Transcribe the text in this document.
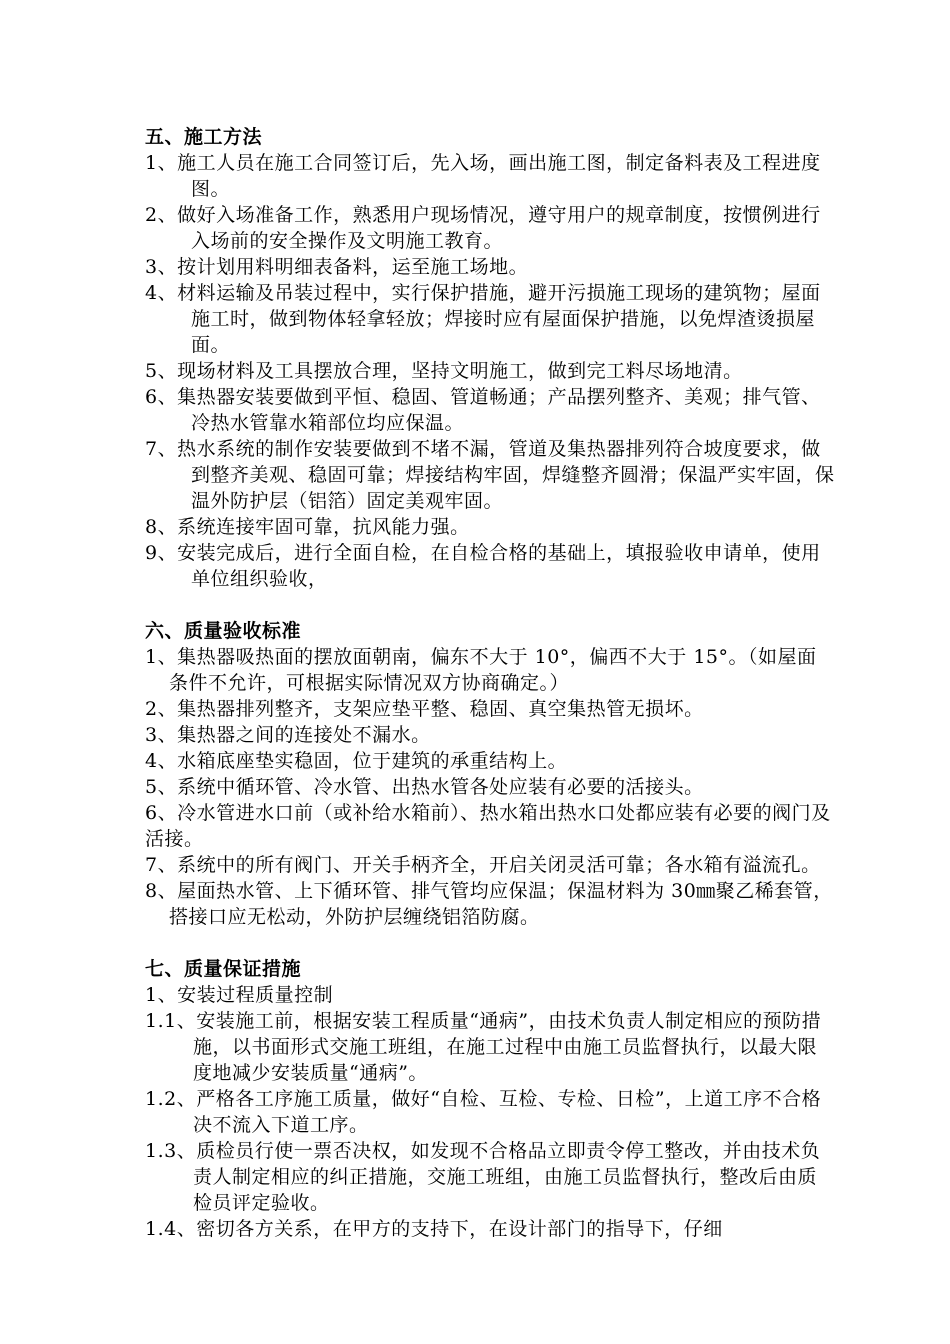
五、施工方法

1、施工人员在施工合同签订后，先入场，画出施工图，制定备料表及工程进度图。

2、做好入场准备工作，熟悉用户现场情况，遵守用户的规章制度，按惯例进行入场前的安全操作及文明施工教育。

3、按计划用料明细表备料，运至施工场地。

4、材料运输及吊装过程中，实行保护措施，避开污损施工现场的建筑物；屋面施工时，做到物体轻拿轻放；焊接时应有屋面保护措施，以免焊渣烫损屋面。

5、现场材料及工具摆放合理，坚持文明施工，做到完工料尽场地清。

6、集热器安装要做到平恒、稳固、管道畅通；产品摆列整齐、美观；排气管、冷热水管靠水箱部位均应保温。

7、热水系统的制作安装要做到不堵不漏，管道及集热器排列符合坡度要求，做到整齐美观、稳固可靠；焊接结构牢固，焊缝整齐圆滑；保温严实牢固，保温外防护层（铝箔）固定美观牢固。

8、系统连接牢固可靠，抗风能力强。

9、安装完成后，进行全面自检，在自检合格的基础上，填报验收申请单，使用单位组织验收，

六、质量验收标准

1、集热器吸热面的摆放面朝南，偏东不大于 10°，偏西不大于 15°。（如屋面条件不允许，可根据实际情况双方协商确定。）

2、集热器排列整齐，支架应垫平整、稳固、真空集热管无损坏。

3、集热器之间的连接处不漏水。

4、水箱底座垫实稳固，位于建筑的承重结构上。

5、系统中循环管、冷水管、出热水管各处应装有必要的活接头。

6、冷水管进水口前（或补给水箱前）、热水箱出热水口处都应装有必要的阀门及活接。

7、系统中的所有阀门、开关手柄齐全，开启关闭灵活可靠；各水箱有溢流孔。

8、屋面热水管、上下循环管、排气管均应保温；保温材料为 30㎜聚乙稀套管，搭接口应无松动，外防护层缠绕铝箔防腐。

七、质量保证措施

1、安装过程质量控制

1.1、安装施工前，根据安装工程质量“通病”，由技术负责人制定相应的预防措施，以书面形式交施工班组，在施工过程中由施工员监督执行，以最大限度地减少安装质量“通病”。

1.2、严格各工序施工质量，做好“自检、互检、专检、日检”，上道工序不合格决不流入下道工序。

1.3、质检员行使一票否决权，如发现不合格品立即责令停工整改，并由技术负责人制定相应的纠正措施，交施工班组，由施工员监督执行，整改后由质检员评定验收。

1.4、密切各方关系，在甲方的支持下，在设计部门的指导下，仔细
